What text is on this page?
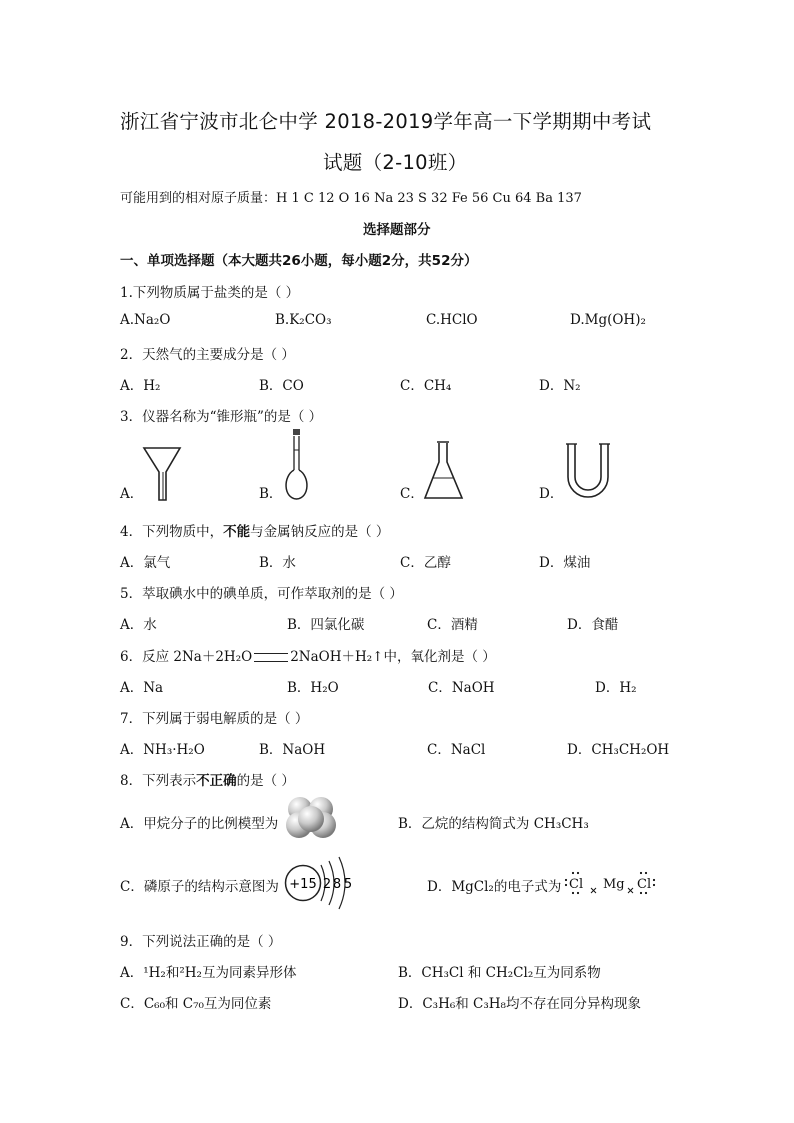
浙江省宁波市北仑中学 2018-2019学年高一下学期期中考试
试题（2-10班）
可能用到的相对原子质量：H 1 C 12 O 16 Na 23 S 32 Fe 56 Cu 64 Ba 137
选择题部分
一、单项选择题（本大题共26小题，每小题2分，共52分）
1.下列物质属于盐类的是（ ）
A.Na₂O	B.K₂CO₃	C.HClO	D.Mg(OH)₂
2．天然气的主要成分是（ ）
A．H₂	B．CO	C．CH₄	D．N₂
3．仪器名称为“锥形瓶”的是（ ）
A．	B．	C．	D．
4．下列物质中，不能与金属钠反应的是（ ）
A．氯气	B．水	C．乙醇	D．煤油
5．萃取碘水中的碘单质，可作萃取剂的是（ ）
A．水	B．四氯化碳	C．酒精	D．食醋
6．反应 2Na＋2H₂O	2NaOH＋H₂↑中，氧化剂是（ ）
A．Na	B．H₂O	C．NaOH	D．H₂
7．下列属于弱电解质的是（ ）
A．NH₃·H₂O	B．NaOH	C．NaCl	D．CH₃CH₂OH
8．下列表示不正确的是（ ）
A．甲烷分子的比例模型为	B．乙烷的结构简式为 CH₃CH₃
C．磷原子的结构示意图为 +15 2 8 5	D．MgCl₂的电子式为 Cl Mg Cl
9．下列说法正确的是（ ）
A．¹H₂和²H₂互为同素异形体	B．CH₃Cl 和 CH₂Cl₂互为同系物
C．C₆₀和 C₇₀互为同位素	D．C₃H₆和 C₃H₈均不存在同分异构现象
